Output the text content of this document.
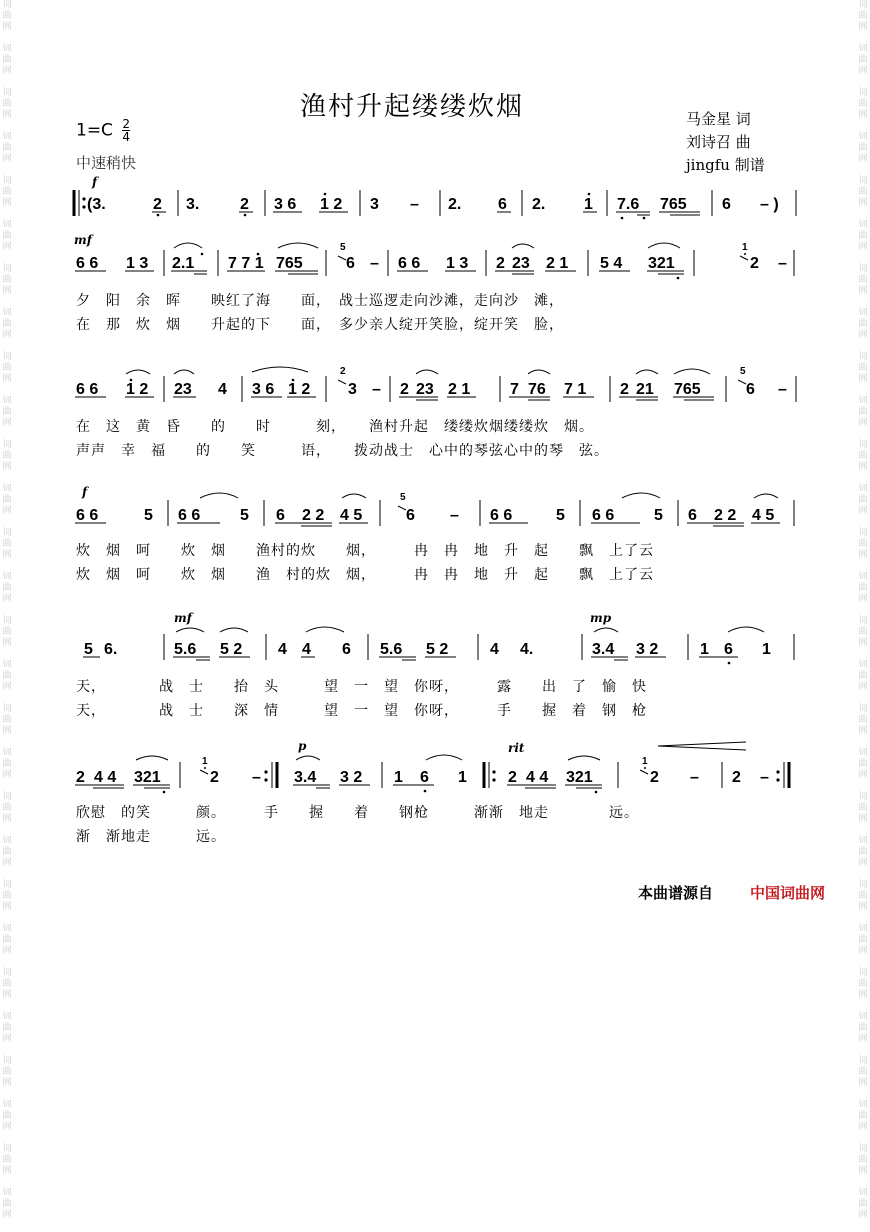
词
曲
网

词
曲
网

词
曲
网

词
曲
网

词
曲
网

词
曲
网

词
曲
网

词
曲
网

词
曲
网

词
曲
网

词
曲
网

词
曲
网

词
曲
网

词
曲
网

词
曲
网

词
曲
网

词
曲
网

词
曲
网

词
曲
网

词
曲
网

词
曲
网

词
曲
网

词
曲
网

词
曲
网

词
曲
网

词
曲
网

词
曲
网

词
曲
网

词
曲
网

词
曲
网

词
曲
网

词
曲
网

词
曲
网

词
曲
网

词
曲
网

词
曲
网

词
曲
网

词
曲
网

词
曲
网

词
曲
网

词
曲
网

词
曲
网

词
曲
网

词
曲
网

词
曲
网

词
曲
网

词
曲
网

词
曲
网

词
曲
网

词
曲
网

词
曲
网

词
曲
网

词
曲
网

词
曲
网

词
曲
网

词
曲
网

渔村升起缕缕炊烟	马金星 词
刘诗召 曲
jingfu 制谱
$1=C \frac{2}{4}$
中速稍快
f
(3.	2 3.	2 3 6 1 2 3 – 2. 6 2. 1 7.6 765 6 – )
mf
6 6 1 3 2.1 7 7 1 765
5
6 – 6 6 1 3 2 23 2 1 5 4 321
1
2 –
夕　 阳　 余　 晖　　 映红了海　　 面，　 战士巡逻走向沙滩，走向沙　 滩，
在　 那　 炊　 烟　　 升起的下　　 面，　 多少亲人绽开笑脸，绽开笑　 脸，
6 6 1 2 23 4 3 6 1 2
2
3 – 2 23 2 1 7 76 7 1 2 21 765
5
6 –
在　 这　 黄　 昏　　 的　　 时　　　	刻，　　 渔村升起　 缕缕炊烟缕缕炊　 烟。
声声　 幸　 福　　 的　　 笑　　　	语，　　 拨动战士　 心中的琴弦心中的琴　 弦。
f
6 6	5 6 6 5 6 2 2 4 5
5
6 – 6 6	5 6 6 5 6 2 2 4 5
炊　 烟　 呵　　 炊　 烟　　 渔村的炊　　 烟，　　　	冉　 冉　 地　 升　 起　　 飘　 上了云
炊　 烟　 呵　　 炊　 烟　　 渔　 村的炊　 烟，　　　	冉　 冉　 地　 升　 起　　 飘　 上了云
mf	mp
5 6.	5.6 5 2 4 4 6 5.6 5 2	4 4.	3.4 3 2	1 6 1
天，　　　　	战　 士　　 抬　 头　　　	望　 一　 望　 你呀，　　　	露　　 出　 了　 愉　 快
天，　　　　	战　 士　　 深　 情　　　	望　 一　 望　 你呀，　　　	手　　 握　 着　 钢　 枪
p	rit
2 4 4 321
1
2 – 3.4 3 2 1 6 1	2 4 4 321
1
2 – 2 –
欣慰　 的笑　　　	颜。　　　	手　　 握　　 着　　 钢枪　　　	渐渐　 地走　　　　	远。
渐　 渐地走　　　	远。
本曲谱源自 中国词曲网
